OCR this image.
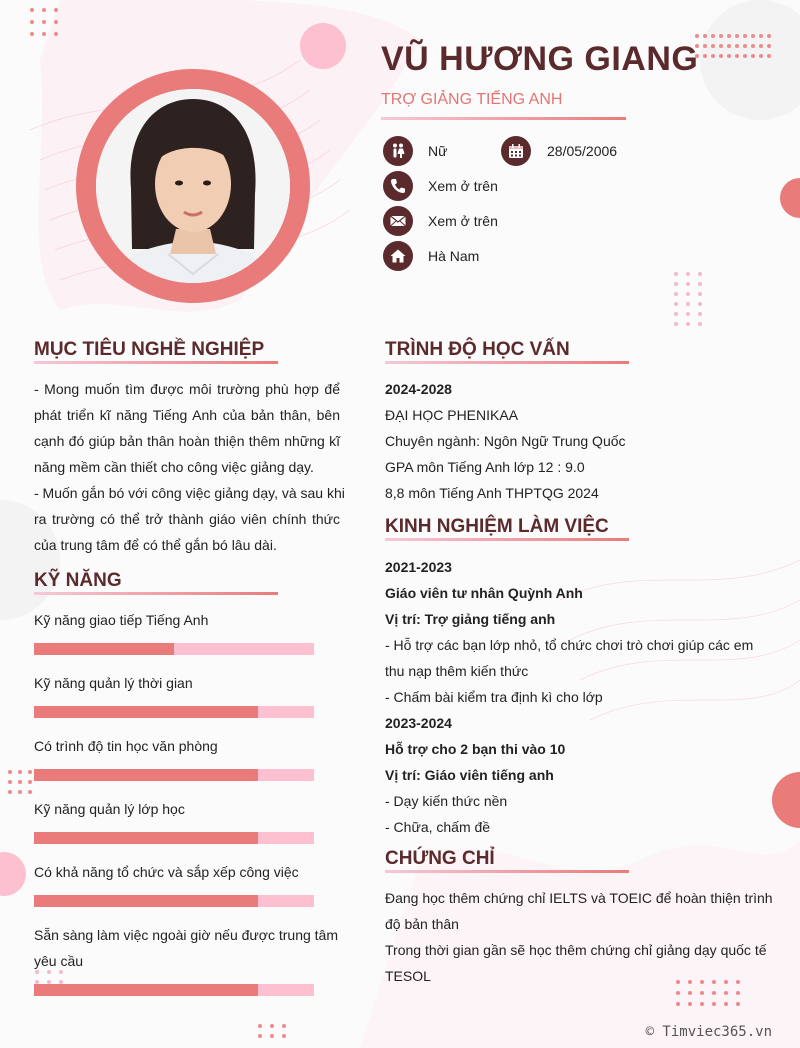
VŨ HƯƠNG GIANG
TRỢ GIẢNG TIẾNG ANH
Nữ	28/05/2006
Xem ở trên
Xem ở trên
Hà Nam
MỤC TIÊU NGHỀ NGHIỆP
- Mong muốn tìm được môi trường phù hợp để
phát triển kĩ năng Tiếng Anh của bản thân, bên
cạnh đó giúp bản thân hoàn thiện thêm những kĩ
năng mềm cần thiết cho công việc giảng dạy.
- Muốn gắn bó với công việc giảng dạy, và sau khi
ra trường có thể trở thành giáo viên chính thức
của trung tâm để có thể gắn bó lâu dài.
KỸ NĂNG
Kỹ năng giao tiếp Tiếng Anh
Kỹ năng quản lý thời gian
Có trình độ tin học văn phòng
Kỹ năng quản lý lớp học
Có khả năng tổ chức và sắp xếp công việc
Sẵn sàng làm việc ngoài giờ nếu được trung tâm
yêu cầu
TRÌNH ĐỘ HỌC VẤN
2024-2028
ĐẠI HỌC PHENIKAA
Chuyên ngành: Ngôn Ngữ Trung Quốc
GPA môn Tiếng Anh lớp 12 : 9.0
8,8 môn Tiếng Anh THPTQG 2024
KINH NGHIỆM LÀM VIỆC
2021-2023
Giáo viên tư nhân Quỳnh Anh
Vị trí: Trợ giảng tiếng anh
- Hỗ trợ các bạn lớp nhỏ, tổ chức chơi trò chơi giúp các em
thu nạp thêm kiến thức
- Chấm bài kiểm tra định kì cho lớp
2023-2024
Hỗ trợ cho 2 bạn thi vào 10
Vị trí: Giáo viên tiếng anh
- Dạy kiến thức nền
- Chữa, chấm đề
CHỨNG CHỈ
Đang học thêm chứng chỉ IELTS và TOEIC để hoàn thiện trình
độ bản thân
Trong thời gian gần sẽ học thêm chứng chỉ giảng dạy quốc tế
TESOL
© Timviec365.vn
